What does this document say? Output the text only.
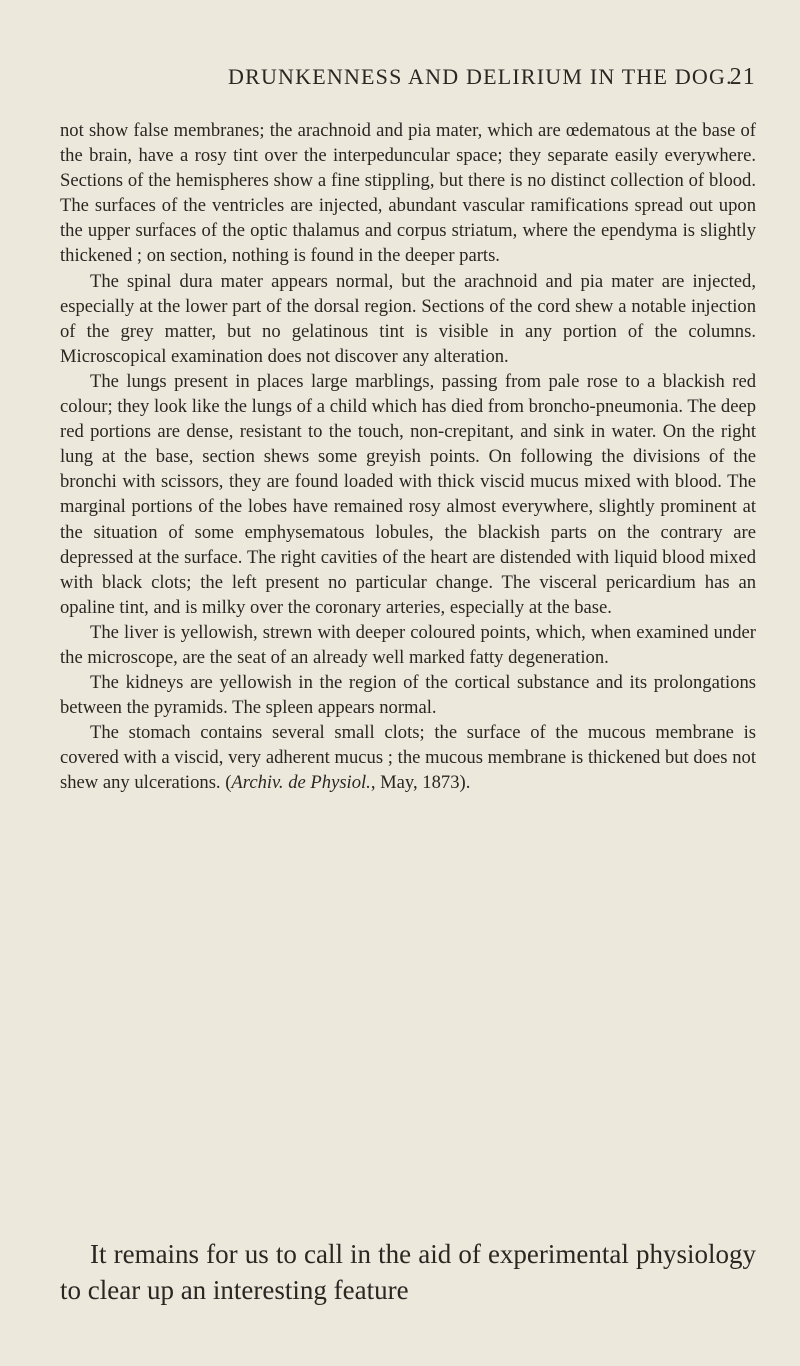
DRUNKENNESS AND DELIRIUM IN THE DOG.
21

not show false membranes; the arachnoid and pia mater, which are œdematous at the base of the brain, have a rosy tint over the interpeduncular space; they separate easily everywhere. Sections of the hemispheres show a fine stippling, but there is no distinct collection of blood. The surfaces of the ventricles are injected, abundant vascular ramifications spread out upon the upper surfaces of the optic thalamus and corpus striatum, where the ependyma is slightly thickened ; on section, nothing is found in the deeper parts.

The spinal dura mater appears normal, but the arachnoid and pia mater are injected, especially at the lower part of the dorsal region. Sections of the cord shew a notable injection of the grey matter, but no gelatinous tint is visible in any portion of the columns. Microscopical examination does not discover any alteration.

The lungs present in places large marblings, passing from pale rose to a blackish red colour; they look like the lungs of a child which has died from broncho-pneumonia. The deep red portions are dense, resistant to the touch, non-crepitant, and sink in water. On the right lung at the base, section shews some greyish points. On following the divisions of the bronchi with scissors, they are found loaded with thick viscid mucus mixed with blood. The marginal portions of the lobes have remained rosy almost everywhere, slightly prominent at the situation of some emphysematous lobules, the blackish parts on the contrary are depressed at the surface. The right cavities of the heart are distended with liquid blood mixed with black clots; the left present no particular change. The visceral pericardium has an opaline tint, and is milky over the coronary arteries, especially at the base.

The liver is yellowish, strewn with deeper coloured points, which, when examined under the microscope, are the seat of an already well marked fatty degeneration.

The kidneys are yellowish in the region of the cortical substance and its prolongations between the pyramids. The spleen appears normal.

The stomach contains several small clots; the surface of the mucous membrane is covered with a viscid, very adherent mucus ; the mucous membrane is thickened but does not shew any ulcerations. (Archiv. de Physiol., May, 1873).

It remains for us to call in the aid of experimental physiology to clear up an interesting feature
